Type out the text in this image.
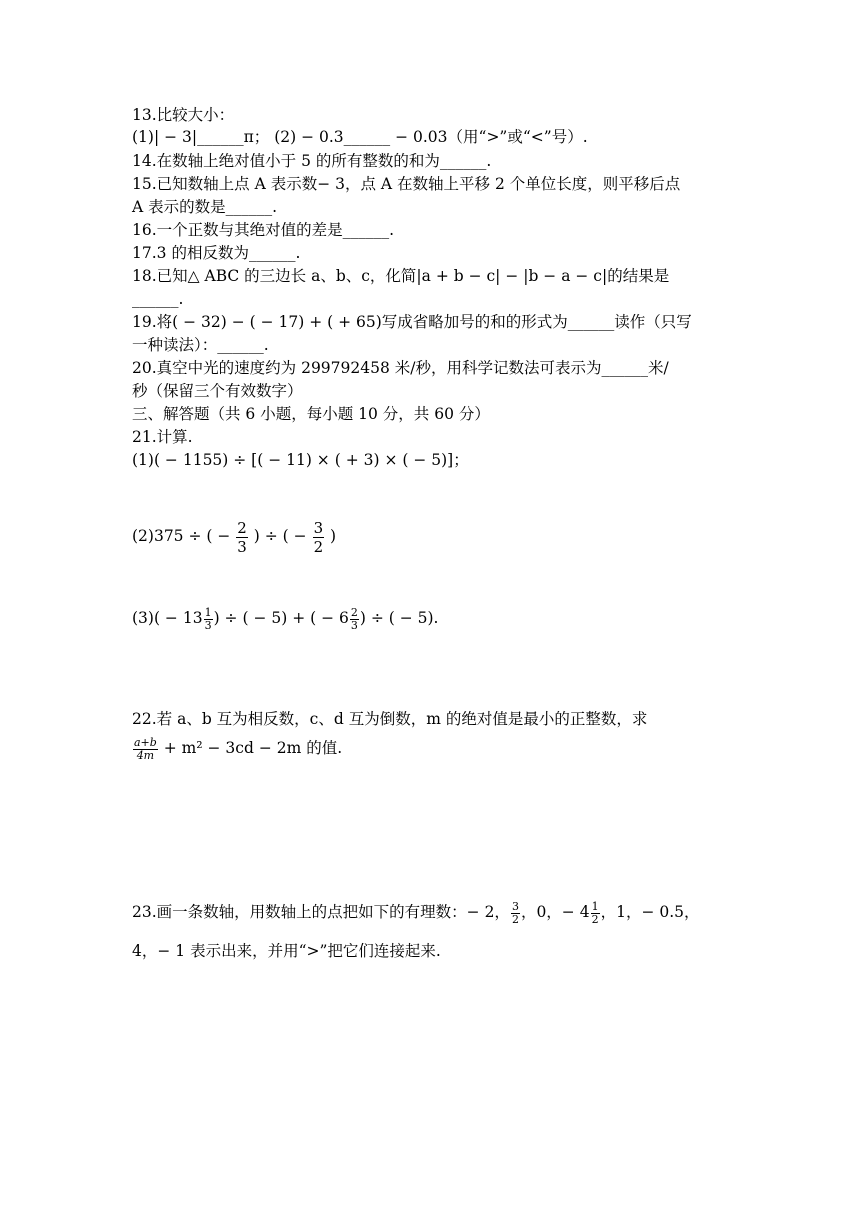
13.比较大小：
(1)| − 3|______π； (2) − 0.3______ − 0.03（用“>”或“<”号）.
14.在数轴上绝对值小于 5 的所有整数的和为______.
15.已知数轴上点 A 表示数− 3，点 A 在数轴上平移 2 个单位长度，则平移后点
A 表示的数是______.
16.一个正数与其绝对值的差是______.
17.3 的相反数为______.
18.已知△ ABC 的三边长 a、b、c，化简|a + b − c| − |b − a − c|的结果是
______.
19.将( − 32) − ( − 17) + ( + 65)写成省略加号的和的形式为______读作（只写
一种读法）：______.
20.真空中光的速度约为 299792458 米/秒，用科学记数法可表示为______米/
秒（保留三个有效数字）
三、解答题（共 6 小题，每小题 10 分，共 60 分）
21.计算.
(1)( − 1155) ÷ [( − 11) × ( + 3) × ( − 5)]；
(2)375 ÷ ( − $\frac{2}{3}$ ) ÷ ( − $\frac{3}{2}$ )
$(3)( - 13 \frac{1}{3}$ ) ÷ ( − 5) + ( − $6 \frac{2}{3}$ ) ÷ ( − 5).
22.若 a、b 互为相反数，c、d 互为倒数，m 的绝对值是最小的正整数，求
$\frac{a+b}{4m} + m^2 - 3cd - 2m$ 的值.
23.画一条数轴，用数轴上的点把如下的有理数：− 2， $\frac{3}{2}$ ，0，− $4 \frac{1}{2}$ ，1，− 0.5，
4，− 1 表示出来，并用“>”把它们连接起来.
